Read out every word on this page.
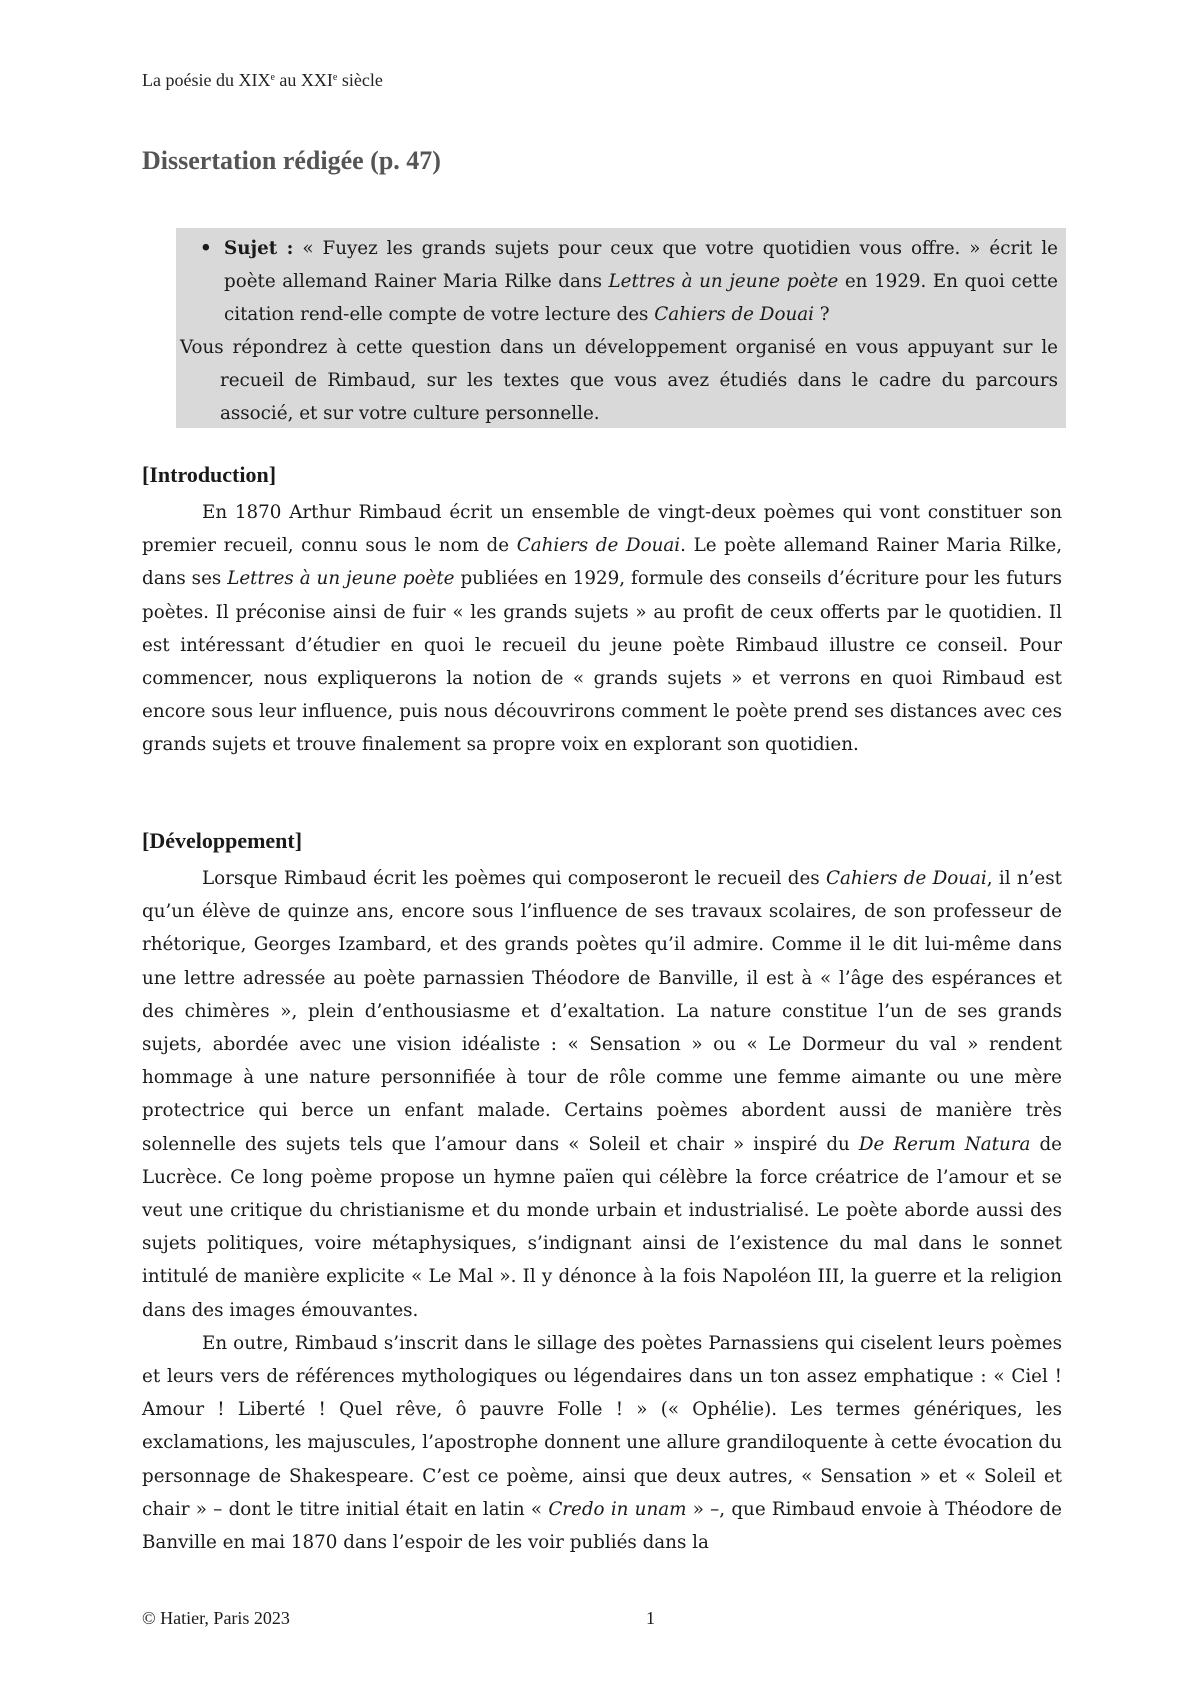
La poésie du XIXe au XXIe siècle
Dissertation rédigée (p. 47)

• Sujet : « Fuyez les grands sujets pour ceux que votre quotidien vous offre. » écrit le poète allemand Rainer Maria Rilke dans Lettres à un jeune poète en 1929. En quoi cette citation rend-elle compte de votre lecture des Cahiers de Douai ?

Vous répondrez à cette question dans un développement organisé en vous appuyant sur le recueil de Rimbaud, sur les textes que vous avez étudiés dans le cadre du parcours associé, et sur votre culture personnelle.

[Introduction]

En 1870 Arthur Rimbaud écrit un ensemble de vingt-deux poèmes qui vont constituer son premier recueil, connu sous le nom de Cahiers de Douai. Le poète allemand Rainer Maria Rilke, dans ses Lettres à un jeune poète publiées en 1929, formule des conseils d’écriture pour les futurs poètes. Il préconise ainsi de fuir « les grands sujets » au profit de ceux offerts par le quotidien. Il est intéressant d’étudier en quoi le recueil du jeune poète Rimbaud illustre ce conseil. Pour commencer, nous expliquerons la notion de « grands sujets » et verrons en quoi Rimbaud est encore sous leur influence, puis nous découvrirons comment le poète prend ses distances avec ces grands sujets et trouve finalement sa propre voix en explorant son quotidien.

[Développement]

Lorsque Rimbaud écrit les poèmes qui composeront le recueil des Cahiers de Douai, il n’est qu’un élève de quinze ans, encore sous l’influence de ses travaux scolaires, de son professeur de rhétorique, Georges Izambard, et des grands poètes qu’il admire. Comme il le dit lui-même dans une lettre adressée au poète parnassien Théodore de Banville, il est à « l’âge des espérances et des chimères », plein d’enthousiasme et d’exaltation. La nature constitue l’un de ses grands sujets, abordée avec une vision idéaliste : « Sensation » ou « Le Dormeur du val » rendent hommage à une nature personnifiée à tour de rôle comme une femme aimante ou une mère protectrice qui berce un enfant malade. Certains poèmes abordent aussi de manière très solennelle des sujets tels que l’amour dans « Soleil et chair » inspiré du De Rerum Natura de Lucrèce. Ce long poème propose un hymne païen qui célèbre la force créatrice de l’amour et se veut une critique du christianisme et du monde urbain et industrialisé. Le poète aborde aussi des sujets politiques, voire métaphysiques, s’indignant ainsi de l’existence du mal dans le sonnet intitulé de manière explicite « Le Mal ». Il y dénonce à la fois Napoléon III, la guerre et la religion dans des images émouvantes.

En outre, Rimbaud s’inscrit dans le sillage des poètes Parnassiens qui ciselent leurs poèmes et leurs vers de références mythologiques ou légendaires dans un ton assez emphatique : « Ciel ! Amour ! Liberté ! Quel rêve, ô pauvre Folle ! » (« Ophélie). Les termes génériques, les exclamations, les majuscules, l’apostrophe donnent une allure grandiloquente à cette évocation du personnage de Shakespeare. C’est ce poème, ainsi que deux autres, « Sensation » et « Soleil et chair » – dont le titre initial était en latin « Credo in unam » –, que Rimbaud envoie à Théodore de Banville en mai 1870 dans l’espoir de les voir publiés dans la

© Hatier, Paris 2023	1
